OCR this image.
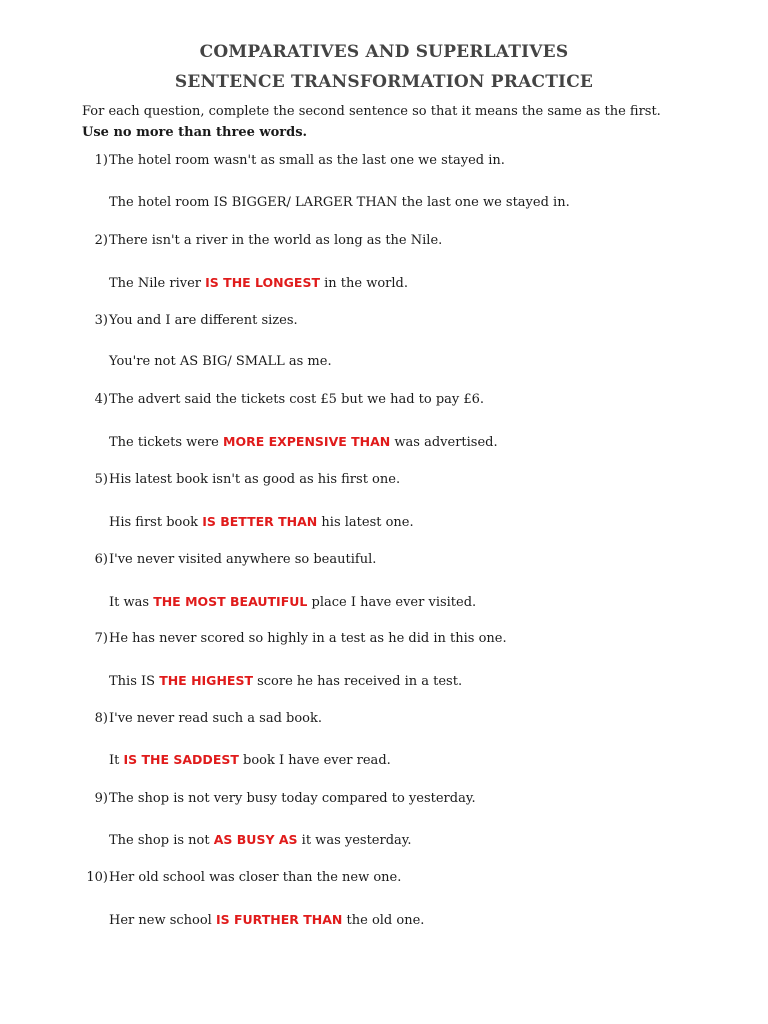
COMPARATIVES AND SUPERLATIVES
SENTENCE TRANSFORMATION PRACTICE
For each question, complete the second sentence so that it means the same as the first.    Use no more than three words.
1) The hotel room wasn't as small as the last one we stayed in.
The hotel room IS BIGGER/ LARGER THAN the last one we stayed in.
2) There isn't a river in the world as long as the Nile.
The Nile river IS THE LONGEST in the world.
3) You and I are different sizes.
You're not AS BIG/ SMALL as me.
4) The advert said the tickets cost £5 but we had to pay £6.
The tickets were MORE EXPENSIVE THAN was advertised.
5) His latest book isn't as good as his first one.
His first book IS BETTER THAN his latest one.
6) I've never visited anywhere so beautiful.
It was THE MOST BEAUTIFUL place I have ever visited.
7) He has never scored so highly in a test as he did in this one.
This IS THE HIGHEST score he has received in a test.
8) I've never read such a sad book.
It IS THE SADDEST book I have ever read.
9) The shop is not very busy today compared to yesterday.
The shop is not AS BUSY AS it was yesterday.
10) Her old school was closer than the new one.
Her new school IS FURTHER THAN the old one.
